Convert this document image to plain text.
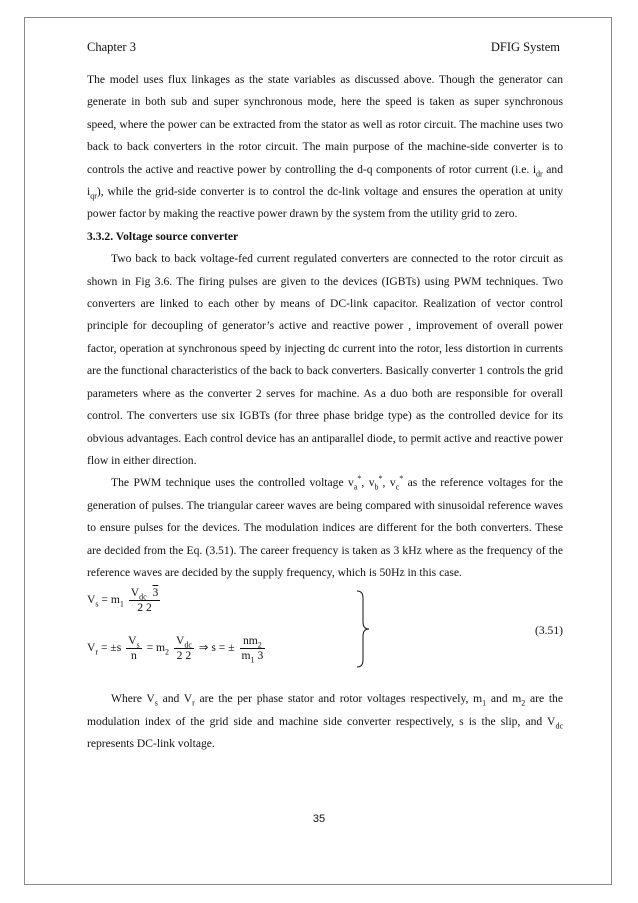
Chapter 3	DFIG System

The model uses flux linkages as the state variables as discussed above. Though the generator can generate in both sub and super synchronous mode, here the speed is taken as super synchronous speed, where the power can be extracted from the stator as well as rotor circuit. The machine uses two back to back converters in the rotor circuit. The main purpose of the machine-side converter is to controls the active and reactive power by controlling the d-q components of rotor current (i.e. $i_{dr}$ and $i_{qr}$), while the grid-side converter is to control the dc-link voltage and ensures the operation at unity power factor by making the reactive power drawn by the system from the utility grid to zero.

3.3.2. Voltage source converter

Two back to back voltage-fed current regulated converters are connected to the rotor circuit as shown in Fig 3.6. The firing pulses are given to the devices (IGBTs) using PWM techniques. Two converters are linked to each other by means of DC-link capacitor. Realization of vector control principle for decoupling of generator’s active and reactive power , improvement of overall power factor, operation at synchronous speed by injecting dc current into the rotor, less distortion in currents are the functional characteristics of the back to back converters. Basically converter 1 controls the grid parameters where as the converter 2 serves for machine. As a duo both are responsible for overall control. The converters use six IGBTs (for three phase bridge type) as the controlled device for its obvious advantages. Each control device has an antiparallel diode, to permit active and reactive power flow in either direction.

The PWM technique uses the controlled voltage $v_a^*$, $v_b^*$, $v_c^*$ as the reference voltages for the generation of pulses. The triangular career waves are being compared with sinusoidal reference waves to ensure pulses for the devices. The modulation indices are different for the both converters. These are decided from the Eq. (3.51). The career frequency is taken as 3 kHz where as the frequency of the reference waves are decided by the supply frequency, which is 50Hz in this case.

$V_s = m_1 \frac{V_{dc} 3}{2 2}$
$V_r = \pm s \frac{V_s}{n} = m_2 \frac{V_{dc}}{2 2}$ ⇒ s = ± $\frac{nm_2}{m_1 3}$
(3.51)

Where $V_s$ and $V_r$ are the per phase stator and rotor voltages respectively, $m_1$ and $m_2$ are the modulation index of the grid side and machine side converter respectively, s is the slip, and $V_{dc}$ represents DC-link voltage.

35
